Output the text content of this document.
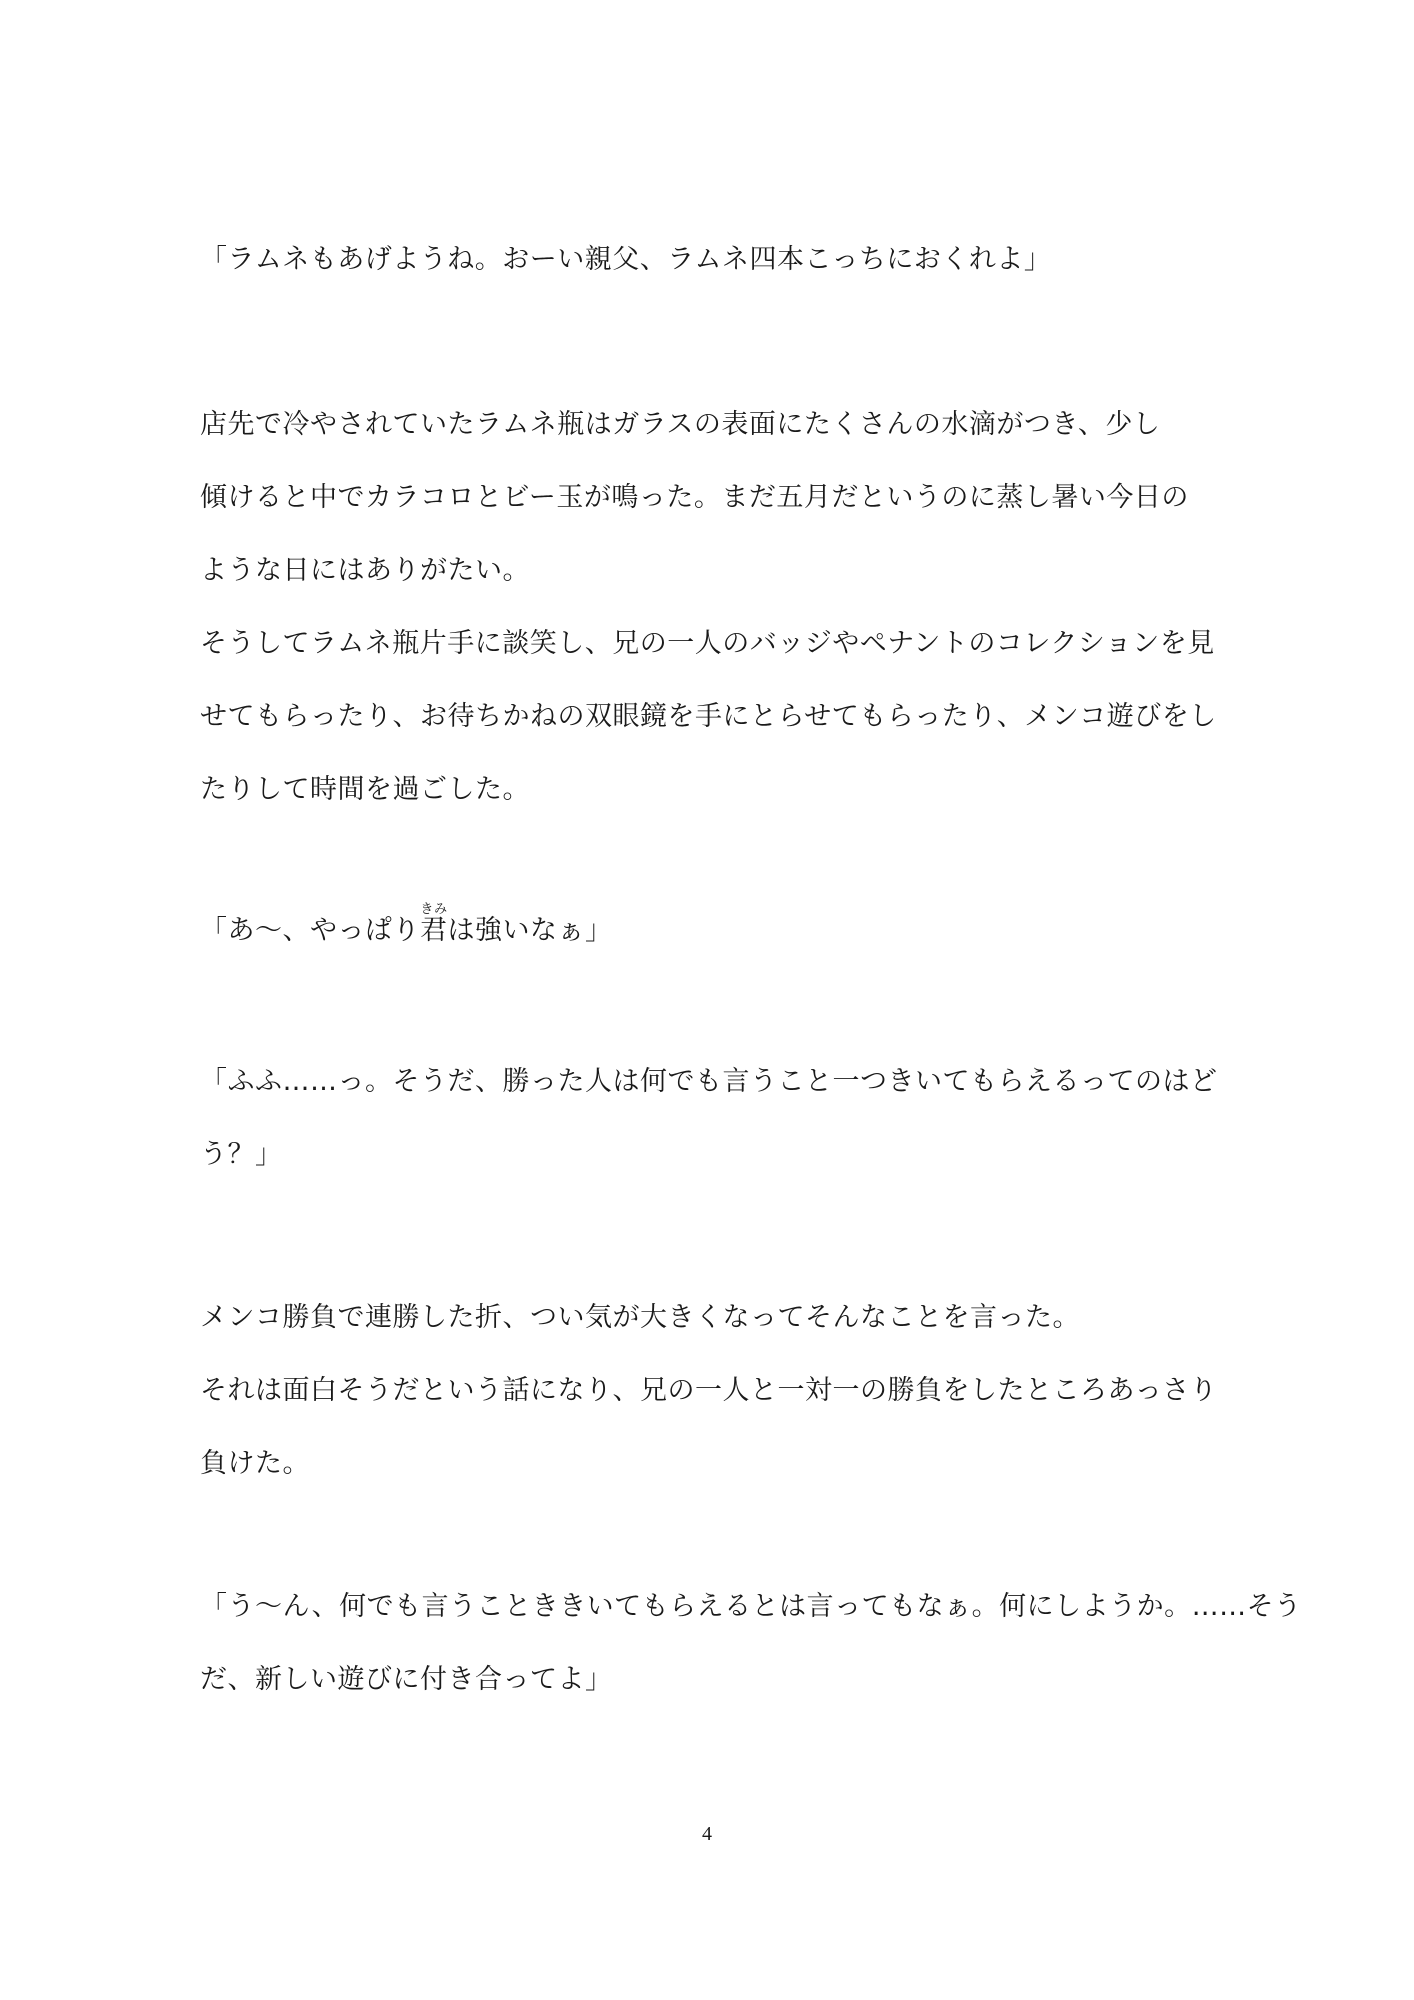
「ラムネもあげようね。おーい親父、ラムネ四本こっちにおくれよ」
店先で冷やされていたラムネ瓶はガラスの表面にたくさんの水滴がつき、少し
傾けると中でカラコロとビー玉が鳴った。まだ五月だというのに蒸し暑い今日の
ような日にはありがたい。
そうしてラムネ瓶片手に談笑し、兄の一人のバッジやペナントのコレクションを見
せてもらったり、お待ちかねの双眼鏡を手にとらせてもらったり、メンコ遊びをし
たりして時間を過ごした。
「あ～、やっぱり君きみは強いなぁ」
「ふふ……っ。そうだ、勝った人は何でも言うこと一つきいてもらえるってのはど
う？」
メンコ勝負で連勝した折、つい気が大きくなってそんなことを言った。
それは面白そうだという話になり、兄の一人と一対一の勝負をしたところあっさり
負けた。
「う～ん、何でも言うことききいてもらえるとは言ってもなぁ。何にしようか。……そう
だ、新しい遊びに付き合ってよ」
4
